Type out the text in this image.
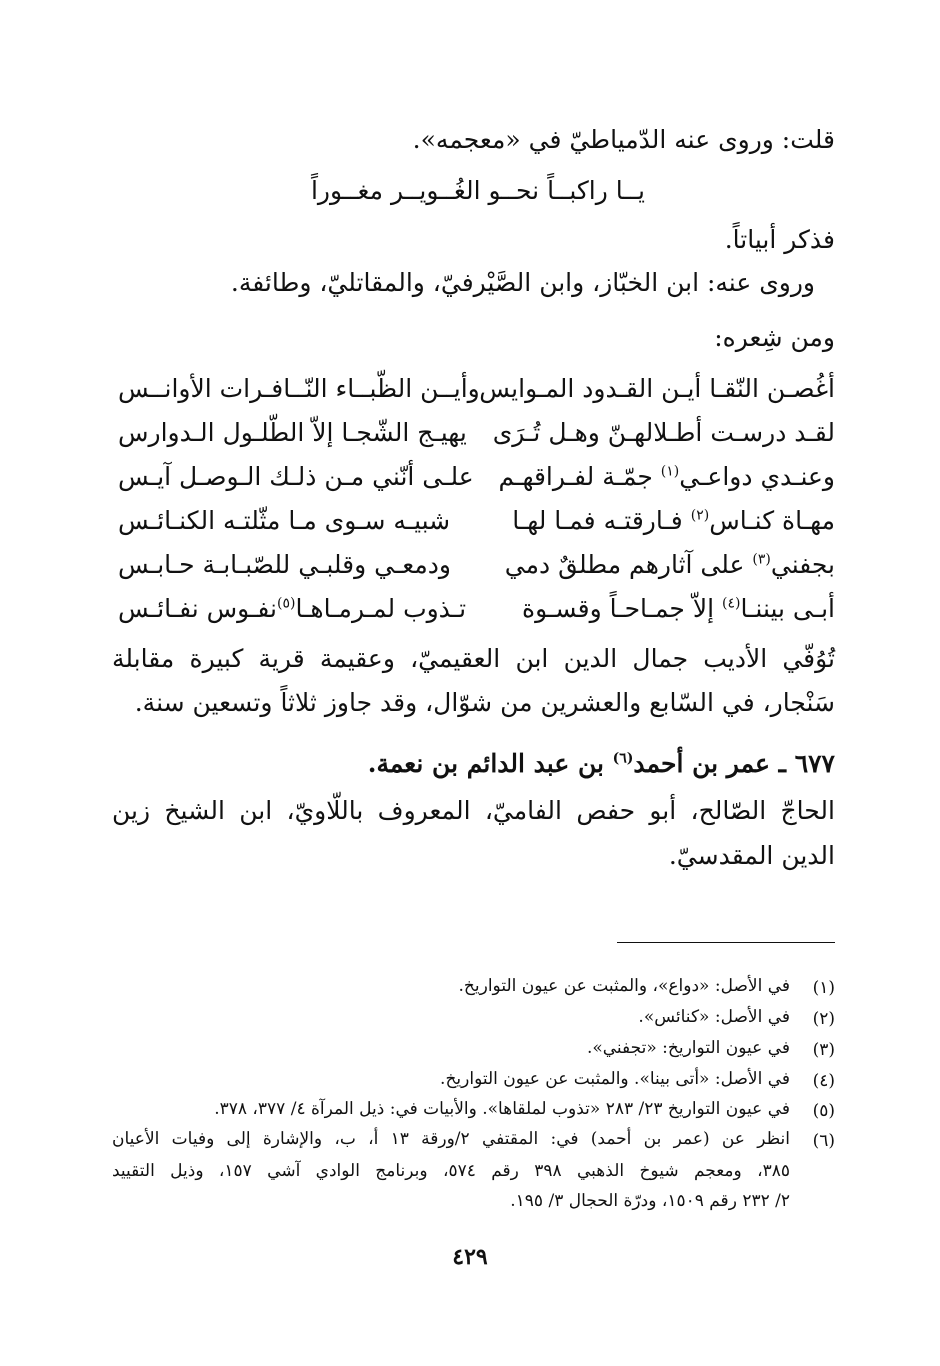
قلت: وروى عنه الدّمياطيّ في «معجمه».
يــا راكبــاً نحــو الغُــويــر مغــوراً
فذكر أبياتاً.
وروى عنه: ابن الخبّاز، وابن الصَّيْرفيّ، والمقاتليّ، وطائفة.
ومن شِعره:
أغُصـن النّقـا أيـن القـدود المـوايس
وأيــن الظّبــاء النّــافـرات الأوانــس
لقـد درسـت أطـلالهـنّ وهـل تُـرَى
يهيـج الشّجـا إلاّ الطّلـول الـدوارس
وعنـدي دواعـي$^{(١)}$ جمّـة لفـراقهـم
علـى أنّني مـن ذلـك الـوصـل آيـس
مهـاة كنـاس$^{(٢)}$ فـارقتـه فمـا لهـا
شبيـه سـوى مـا مثّلتـه الكنـائـس
بجفني$^{(٣)}$ على آثارهم مطلقٌ دمي
ودمعـي وقلبـي للصّبـابـة حـابـس
أبـى بيننـا$^{(٤)}$ إلاّ جمـاحـاً وقسـوة
تـذوب لمـرمـاهـا$^{(٥)}$نفـوس نفـائـس
تُوُفّي الأديب جمال الدين ابن العقيميّ، وعقيمة قرية كبيرة مقابلة
سَنْجار، في السّابع والعشرين من شوّال، وقد جاوز ثلاثاً وتسعين سنة.
٦٧٧ ـ عمر بن أحمد$^{(٦)}$ بن عبد الدائم بن نعمة.
الحاجّ الصّالح، أبو حفص الفاميّ، المعروف باللّاويّ، ابن الشيخ زين
الدين المقدسيّ.
(١)
في الأصل: «دواع»، والمثبت عن عيون التواريخ.
(٢)
في الأصل: «كنائس».
(٣)
في عيون التواريخ: «تجفني».
(٤)
في الأصل: «أتى بينا». والمثبت عن عيون التواريخ.
(٥)
في عيون التواريخ ٢٣/ ٢٨٣ «تذوب لملقاها». والأبيات في: ذيل المرآة ٤/ ٣٧٧، ٣٧٨.
(٦)
انظر عن (عمر بن أحمد) في: المقتفي ٢/ورقة ١٣ أ، ب، والإشارة إلى وفيات الأعيان
٣٨٥، ومعجم شيوخ الذهبي ٣٩٨ رقم ٥٧٤، وبرنامج الوادي آشي ١٥٧، وذيل التقييد
٢/ ٢٣٢ رقم ١٥٠٩، ودرّة الحجال ٣/ ١٩٥.
٤٢٩
